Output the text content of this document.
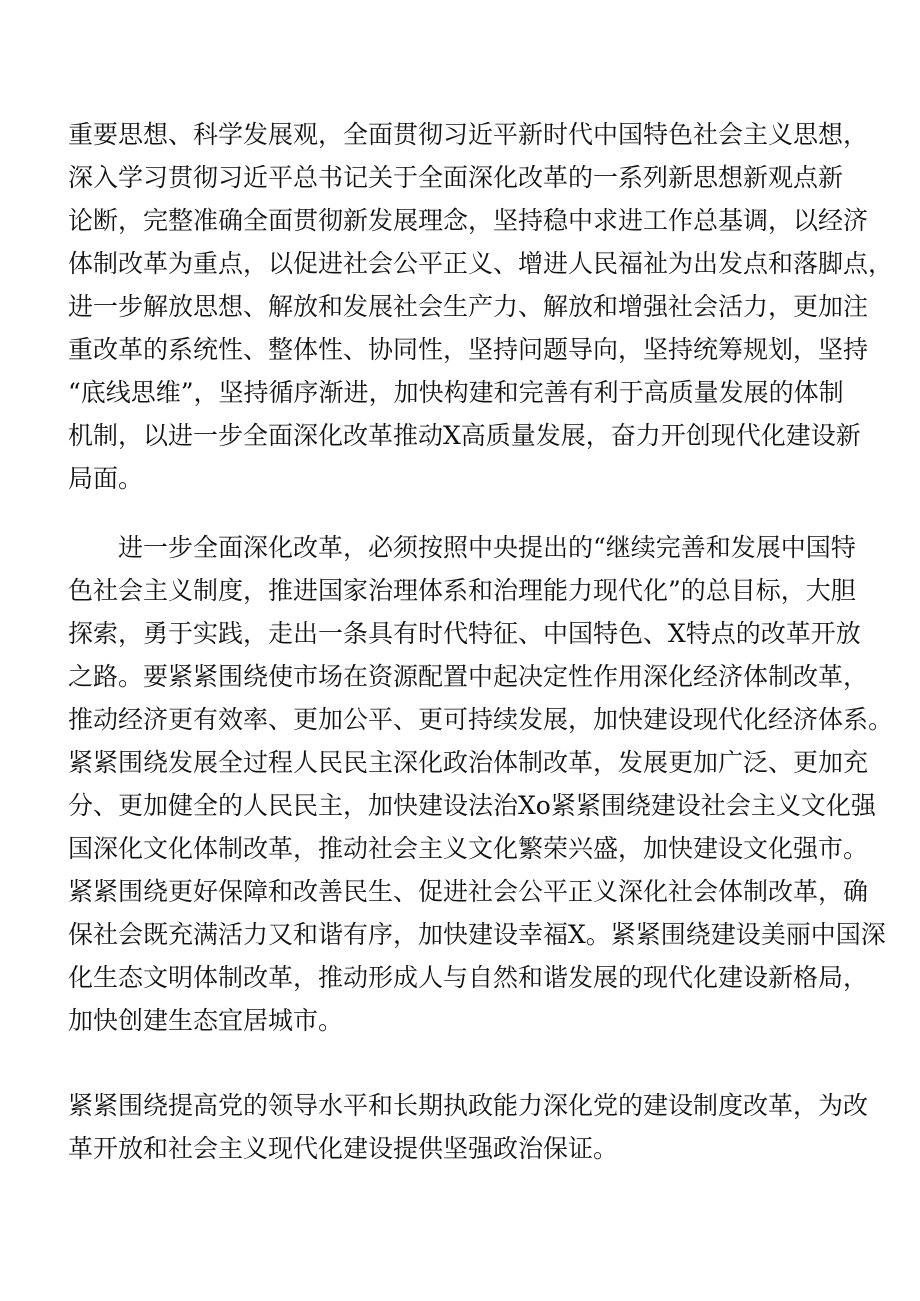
重要思想、科学发展观，全面贯彻习近平新时代中国特色社会主义思想，
深入学习贯彻习近平总书记关于全面深化改革的一系列新思想新观点新
论断，完整准确全面贯彻新发展理念，坚持稳中求进工作总基调，以经济
体制改革为重点，以促进社会公平正义、增进人民福祉为出发点和落脚点，
进一步解放思想、解放和发展社会生产力、解放和增强社会活力，更加注
重改革的系统性、整体性、协同性，坚持问题导向，坚持统筹规划，坚持
“底线思维”，坚持循序渐进，加快构建和完善有利于高质量发展的体制
机制，以进一步全面深化改革推动X高质量发展，奋力开创现代化建设新
局面。
进一步全面深化改革，必须按照中央提出的“继续完善和发展中国特
色社会主义制度，推进国家治理体系和治理能力现代化”的总目标，大胆
探索，勇于实践，走出一条具有时代特征、中国特色、X特点的改革开放
之路。要紧紧围绕使市场在资源配置中起决定性作用深化经济体制改革，
推动经济更有效率、更加公平、更可持续发展，加快建设现代化经济体系。
紧紧围绕发展全过程人民民主深化政治体制改革，发展更加广泛、更加充
分、更加健全的人民民主，加快建设法治Xo紧紧围绕建设社会主义文化强
国深化文化体制改革，推动社会主义文化繁荣兴盛，加快建设文化强市。
紧紧围绕更好保障和改善民生、促进社会公平正义深化社会体制改革，确
保社会既充满活力又和谐有序，加快建设幸福X。紧紧围绕建设美丽中国深
化生态文明体制改革，推动形成人与自然和谐发展的现代化建设新格局，
加快创建生态宜居城市。
紧紧围绕提高党的领导水平和长期执政能力深化党的建设制度改革，为改
革开放和社会主义现代化建设提供坚强政治保证。
